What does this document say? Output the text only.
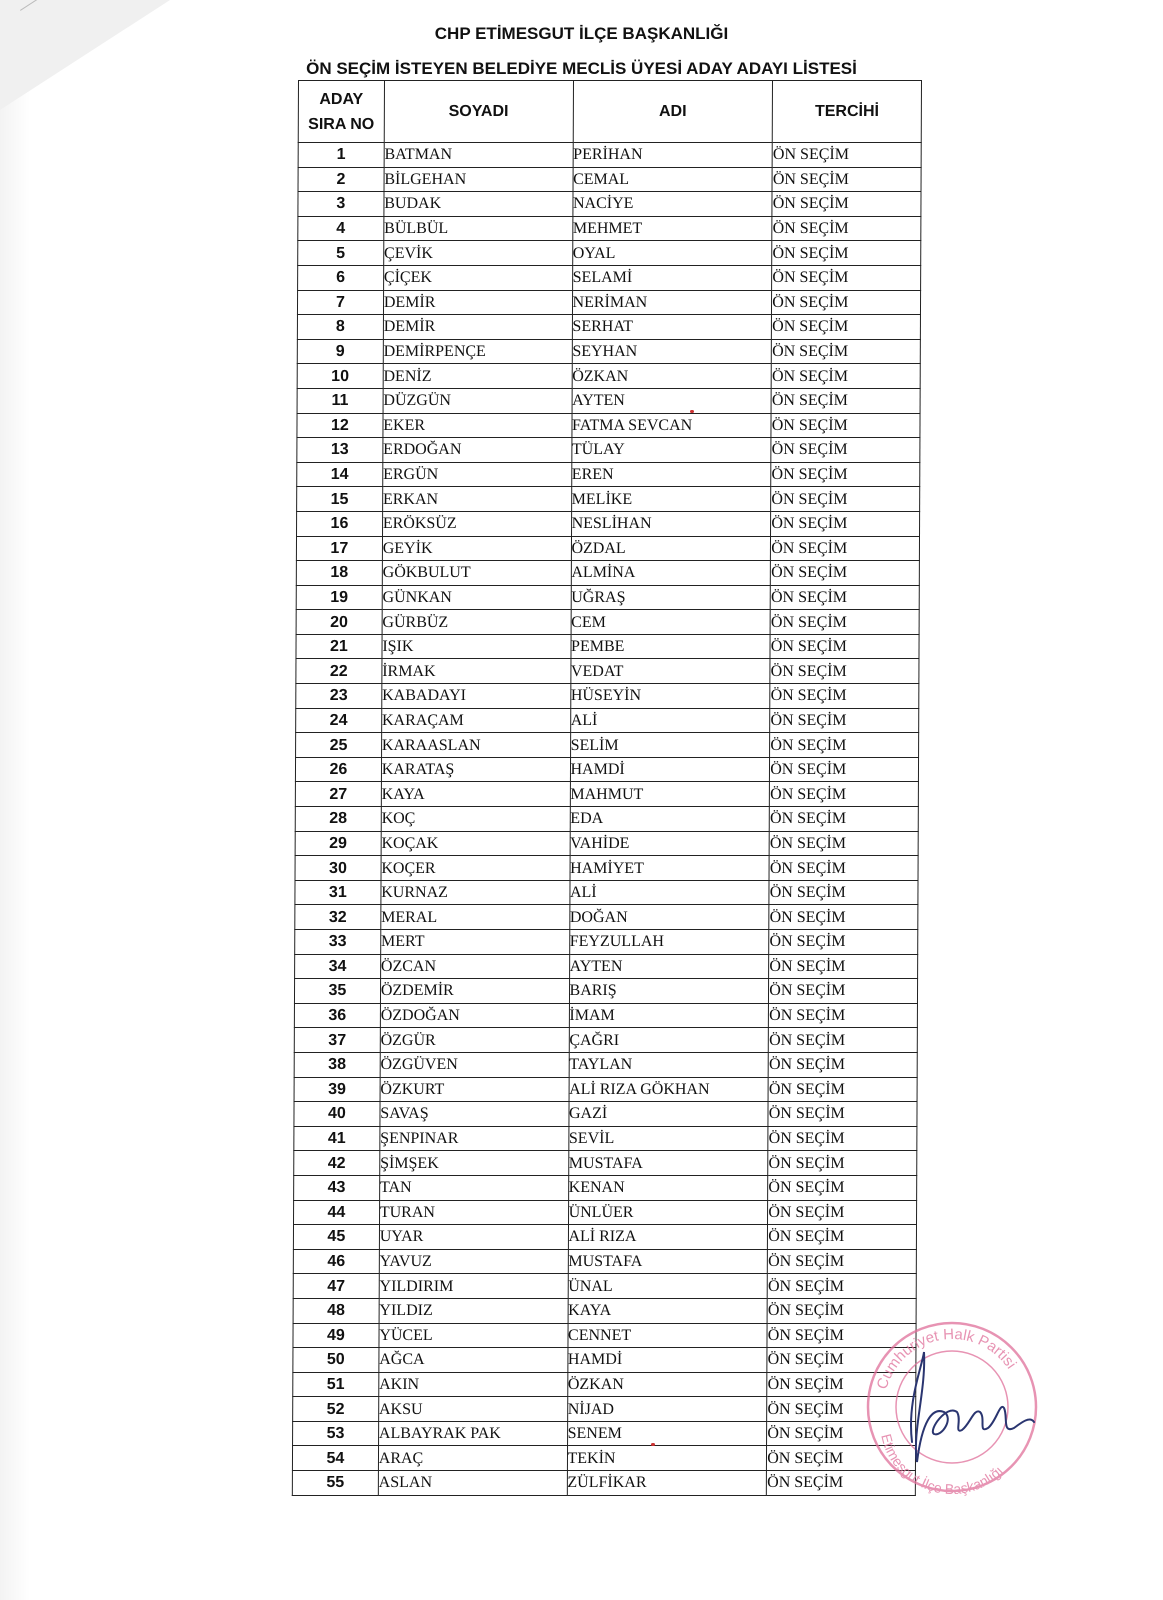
CHP ETİMESGUT İLÇE BAŞKANLIĞI
ÖN SEÇİM İSTEYEN BELEDİYE MECLİS ÜYESİ ADAY ADAYI LİSTESİ
ADAY
SIRA NO	SOYADI	ADI	TERCİHİ
1	BATMAN	PERİHAN	ÖN SEÇİM
2	BİLGEHAN	CEMAL	ÖN SEÇİM
3	BUDAK	NACİYE	ÖN SEÇİM
4	BÜLBÜL	MEHMET	ÖN SEÇİM
5	ÇEVİK	OYAL	ÖN SEÇİM
6	ÇİÇEK	SELAMİ	ÖN SEÇİM
7	DEMİR	NERİMAN	ÖN SEÇİM
8	DEMİR	SERHAT	ÖN SEÇİM
9	DEMİRPENÇE	SEYHAN	ÖN SEÇİM
10	DENİZ	ÖZKAN	ÖN SEÇİM
11	DÜZGÜN	AYTEN	ÖN SEÇİM
12	EKER	FATMA SEVCAN	ÖN SEÇİM
13	ERDOĞAN	TÜLAY	ÖN SEÇİM
14	ERGÜN	EREN	ÖN SEÇİM
15	ERKAN	MELİKE	ÖN SEÇİM
16	ERÖKSÜZ	NESLİHAN	ÖN SEÇİM
17	GEYİK	ÖZDAL	ÖN SEÇİM
18	GÖKBULUT	ALMİNA	ÖN SEÇİM
19	GÜNKAN	UĞRAŞ	ÖN SEÇİM
20	GÜRBÜZ	CEM	ÖN SEÇİM
21	IŞIK	PEMBE	ÖN SEÇİM
22	İRMAK	VEDAT	ÖN SEÇİM
23	KABADAYI	HÜSEYİN	ÖN SEÇİM
24	KARAÇAM	ALİ	ÖN SEÇİM
25	KARAASLAN	SELİM	ÖN SEÇİM
26	KARATAŞ	HAMDİ	ÖN SEÇİM
27	KAYA	MAHMUT	ÖN SEÇİM
28	KOÇ	EDA	ÖN SEÇİM
29	KOÇAK	VAHİDE	ÖN SEÇİM
30	KOÇER	HAMİYET	ÖN SEÇİM
31	KURNAZ	ALİ	ÖN SEÇİM
32	MERAL	DOĞAN	ÖN SEÇİM
33	MERT	FEYZULLAH	ÖN SEÇİM
34	ÖZCAN	AYTEN	ÖN SEÇİM
35	ÖZDEMİR	BARIŞ	ÖN SEÇİM
36	ÖZDOĞAN	İMAM	ÖN SEÇİM
37	ÖZGÜR	ÇAĞRI	ÖN SEÇİM
38	ÖZGÜVEN	TAYLAN	ÖN SEÇİM
39	ÖZKURT	ALİ RIZA GÖKHAN	ÖN SEÇİM
40	SAVAŞ	GAZİ	ÖN SEÇİM
41	ŞENPINAR	SEVİL	ÖN SEÇİM
42	ŞİMŞEK	MUSTAFA	ÖN SEÇİM
43	TAN	KENAN	ÖN SEÇİM
44	TURAN	ÜNLÜER	ÖN SEÇİM
45	UYAR	ALİ RIZA	ÖN SEÇİM
46	YAVUZ	MUSTAFA	ÖN SEÇİM
47	YILDIRIM	ÜNAL	ÖN SEÇİM
48	YILDIZ	KAYA	ÖN SEÇİM
49	YÜCEL	CENNET	ÖN SEÇİM
50	AĞCA	HAMDİ	ÖN SEÇİM
51	AKIN	ÖZKAN	ÖN SEÇİM
52	AKSU	NİJAD	ÖN SEÇİM
53	ALBAYRAK PAK	SENEM	ÖN SEÇİM
54	ARAÇ	TEKİN	ÖN SEÇİM
55	ASLAN	ZÜLFİKAR	ÖN SEÇİM
Cumhuriyet Halk Partisi
Etimesgut İlçe Başkanlığı
